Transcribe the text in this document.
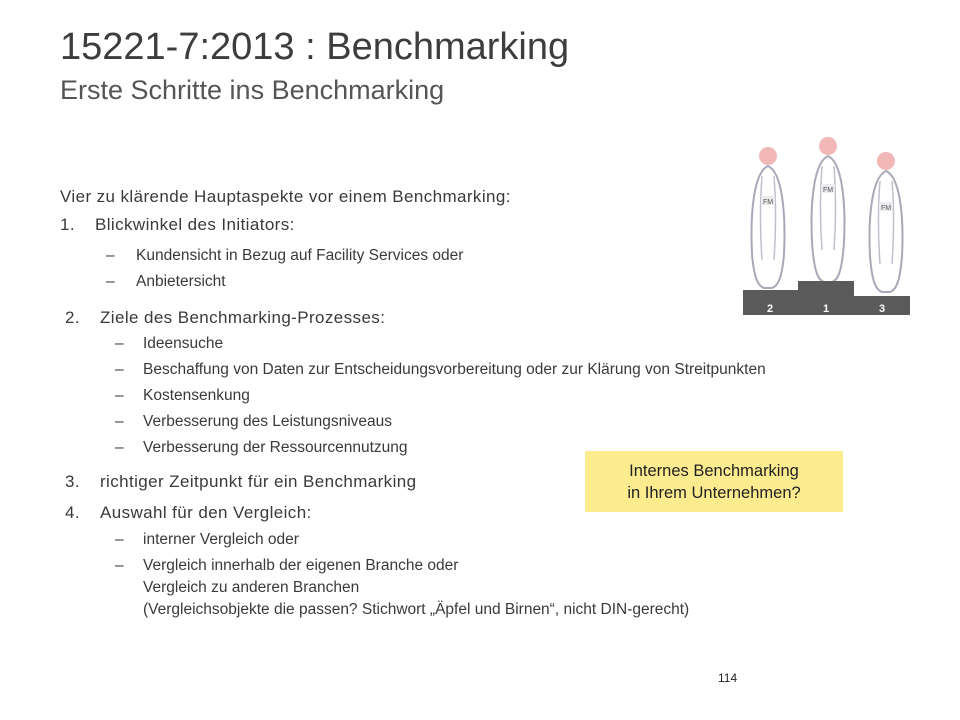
15221-7:2013 : Benchmarking
Erste Schritte ins Benchmarking
Vier zu klärende Hauptaspekte vor einem Benchmarking:
1. Blickwinkel des Initiators:
– Kundensicht in Bezug auf Facility Services oder
– Anbietersicht
2. Ziele des Benchmarking-Prozesses:
– Ideensuche
– Beschaffung von Daten zur Entscheidungsvorbereitung oder zur Klärung von Streitpunkten
– Kostensenkung
– Verbesserung des Leistungsniveaus
– Verbesserung der Ressourcennutzung
3. richtiger Zeitpunkt für ein Benchmarking
4. Auswahl für den Vergleich:
– interner Vergleich oder
– Vergleich innerhalb der eigenen Branche oder
Vergleich zu anderen Branchen
(Vergleichsobjekte die passen? Stichwort „Äpfel und Birnen“, nicht DIN-gerecht)
Internes Benchmarking
in Ihrem Unternehmen?
FM
FM
FM
2	1	3
114
